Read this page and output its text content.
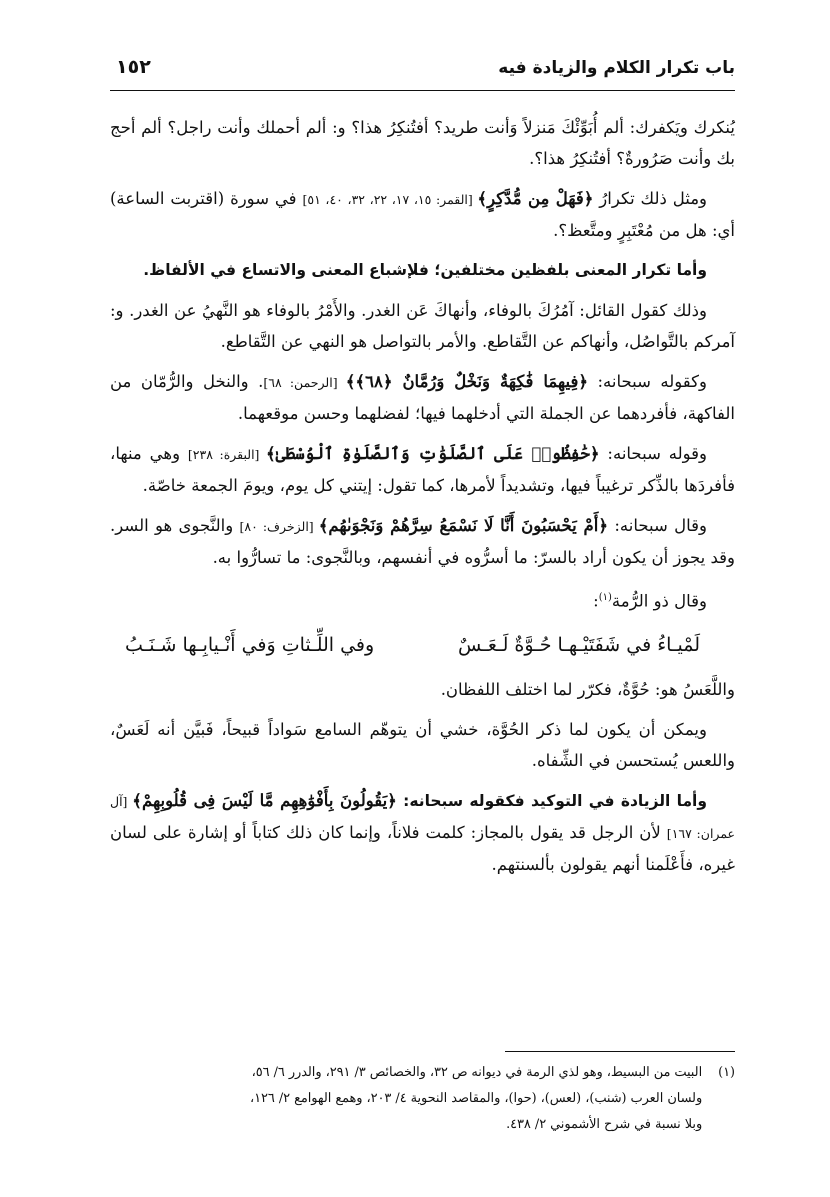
باب تكرار الكلام والزيادة فيه
١٥٢

يُنكرك ويَكفرك: ألم أُبَوِّئْكَ مَنزلاً وَأنت طريد؟ أفتُنكِرُ هذا؟ و: ألم أحملك وأنت راجل؟ ألم أحج بك وأنت صَرُورةٌ؟ أفتُنكِرُ هذا؟.

ومثل ذلك تكرارُ ﴿فَهَلْ مِن مُّدَّكِرٍ﴾ [القمر: ١٥، ١٧، ٢٢، ٣٢، ٤٠، ٥١] في سورة (اقتربت الساعة) أي: هل من مُعْتَبِرٍ ومتَّعظ؟.

وأما تكرار المعنى بلفظين مختلفين؛ فلإشباع المعنى والاتساع في الألفاظ.

وذلك كقول القائل: آمُرُكَ بالوفاء، وأنهاكَ عَن الغدر. والأَمْرُ بالوفاء هو النَّهيُ عن الغدر. و: آمركم بالتَّواصُل، وأنهاكم عن التَّقاطع. والأمر بالتواصل هو النهي عن التَّقاطع.

وكقوله سبحانه: ﴿فِيهِمَا فَٰكِهَةٌ وَنَخْلٌ وَرُمَّانٌ ﴿٦٨﴾﴾ [الرحمن: ٦٨]. والنخل والرُّمّان من الفاكهة، فأفردهما عن الجملة التي أدخلهما فيها؛ لفضلهما وحسن موقعهما.

وقوله سبحانه: ﴿حَٰفِظُوا۟ عَلَى ٱلصَّلَوَٰتِ وَٱلصَّلَوٰةِ ٱلْوُسْطَىٰ﴾ [البقرة: ٢٣٨] وهي منها، فأفردَها بالذِّكر ترغيباً فيها، وتشديداً لأمرها، كما تقول: إيتني كل يوم، ويومَ الجمعة خاصّة.

وقال سبحانه: ﴿أَمْ يَحْسَبُونَ أَنَّا لَا نَسْمَعُ سِرَّهُمْ وَنَجْوَىٰهُم﴾ [الزخرف: ٨٠] والنَّجوى هو السر. وقد يجوز أن يكون أراد بالسرّ: ما أسرُّوه في أنفسهم، وبالنَّجوى: ما تسارُّوا به.

وقال ذو الرُّمة$^{(١)}$:

لَمْيـاءُ في شَفَتَيْـهـا حُـوَّةٌ لَـعَـسٌ
وفي اللِّـثاتِ وَفي أَنْـيابِـها شَـنَـبُ

واللَّعَسُ هو: حُوَّةٌ، فكرّر لما اختلف اللفظان.

ويمكن أن يكون لما ذكر الحُوَّة، خشي أن يتوهّم السامع سَواداً قبيحاً، فَبيَّن أنه لَعَسٌ، واللعس يُستحسن في الشِّفاه.

وأما الزيادة في التوكيد فكقوله سبحانه: ﴿يَقُولُونَ بِأَفْوَٰهِهِم مَّا لَيْسَ فِى قُلُوبِهِمْ﴾ [آل عمران: ١٦٧] لأن الرجل قد يقول بالمجاز: كلمت فلاناً، وإنما كان ذلك كتاباً أو إشارة على لسان غيره، فأَعْلَمنا أنهم يقولون بألسنتهم.

(١)
البيت من البسيط، وهو لذي الرمة في ديوانه ص ٣٢، والخصائص ٣/ ٢٩١، والدرر ٦/ ٥٦،
ولسان العرب (شنب)، (لعس)، (حوا)، والمقاصد النحوية ٤/ ٢٠٣، وهمع الهوامع ٢/ ١٢٦،
وبلا نسبة في شرح الأشموني ٢/ ٤٣٨.
